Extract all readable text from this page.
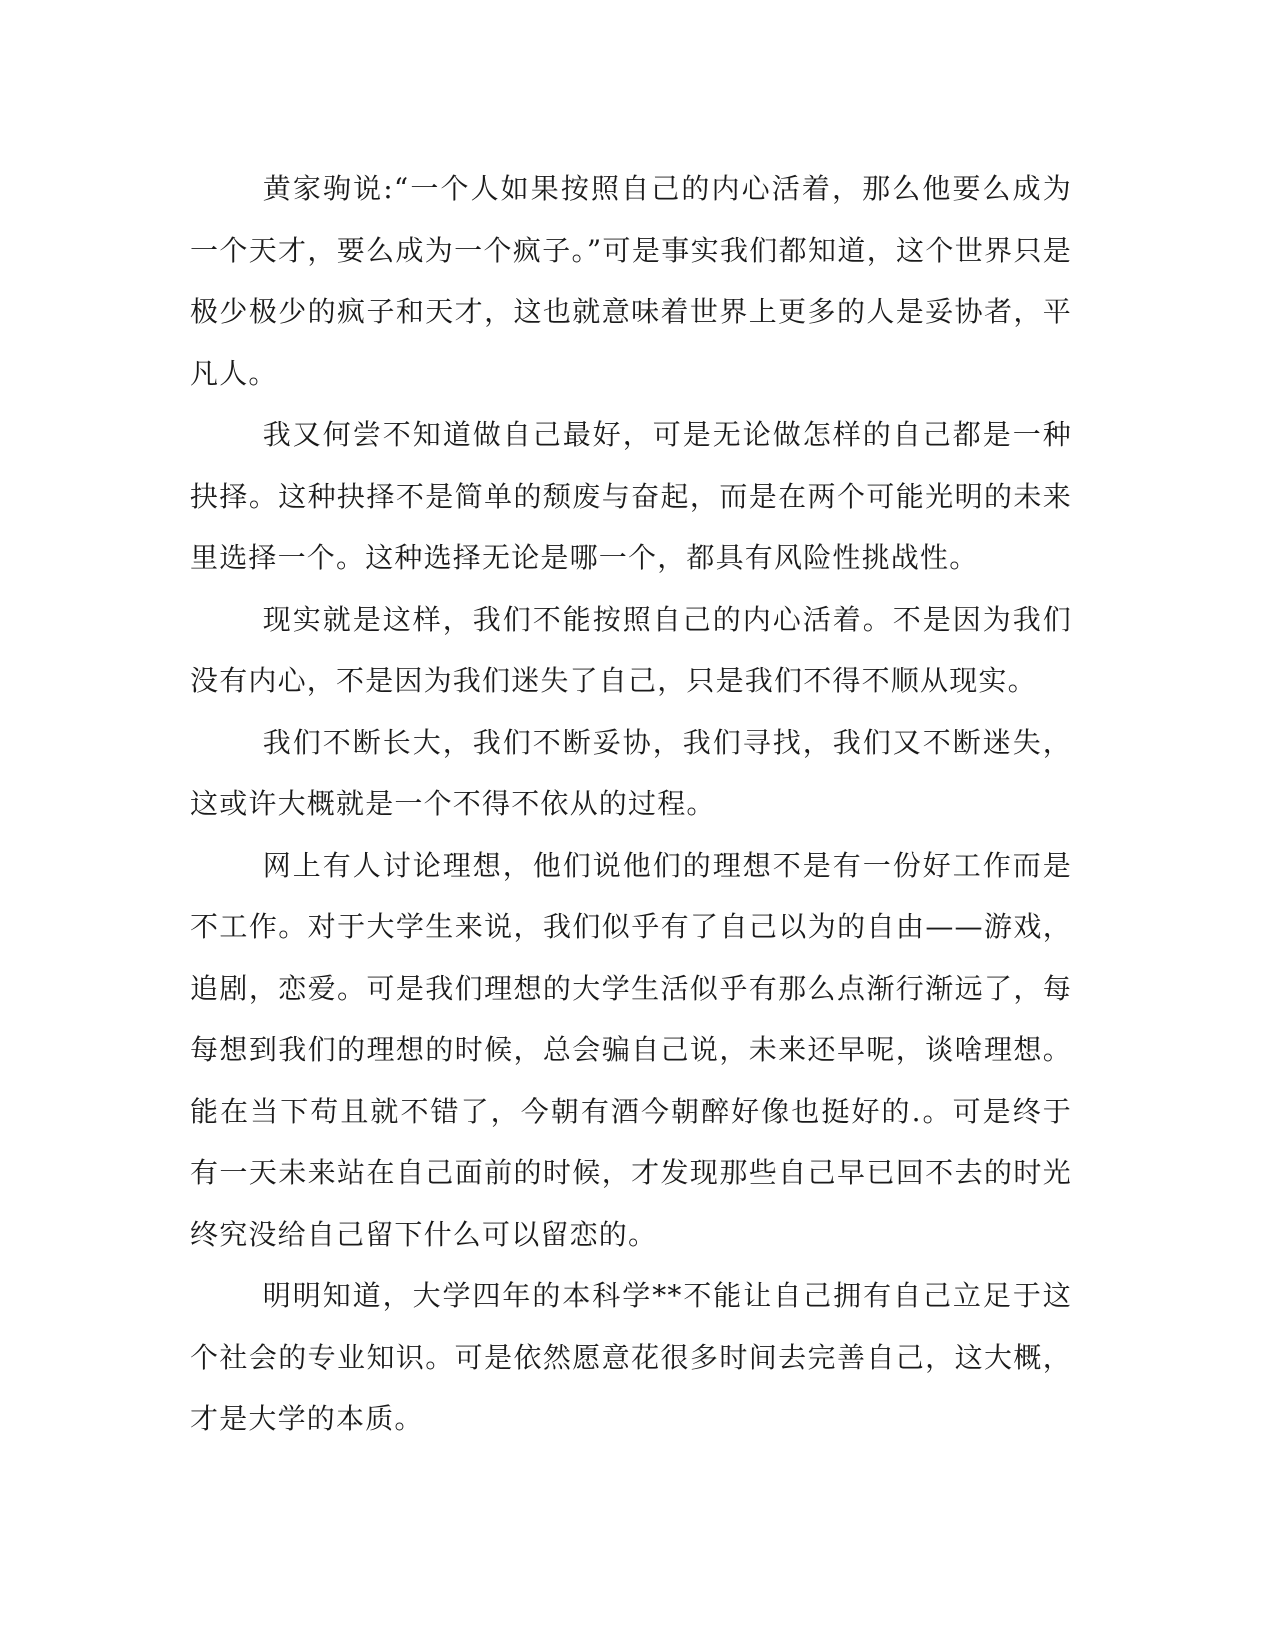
黄家驹说:“一个人如果按照自己的内心活着，那么他要么成为一个天才，要么成为一个疯子。”可是事实我们都知道，这个世界只是极少极少的疯子和天才，这也就意味着世界上更多的人是妥协者，平凡人。

我又何尝不知道做自己最好，可是无论做怎样的自己都是一种抉择。这种抉择不是简单的颓废与奋起，而是在两个可能光明的未来里选择一个。这种选择无论是哪一个，都具有风险性挑战性。

现实就是这样，我们不能按照自己的内心活着。不是因为我们没有内心，不是因为我们迷失了自己，只是我们不得不顺从现实。

我们不断长大，我们不断妥协，我们寻找，我们又不断迷失，这或许大概就是一个不得不依从的过程。

网上有人讨论理想，他们说他们的理想不是有一份好工作而是不工作。对于大学生来说，我们似乎有了自己以为的自由——游戏，追剧，恋爱。可是我们理想的大学生活似乎有那么点渐行渐远了，每每想到我们的理想的时候，总会骗自己说，未来还早呢，谈啥理想。能在当下苟且就不错了，今朝有酒今朝醉好像也挺好的.。可是终于有一天未来站在自己面前的时候，才发现那些自己早已回不去的时光终究没给自己留下什么可以留恋的。

明明知道，大学四年的本科学**不能让自己拥有自己立足于这个社会的专业知识。可是依然愿意花很多时间去完善自己，这大概，才是大学的本质。
